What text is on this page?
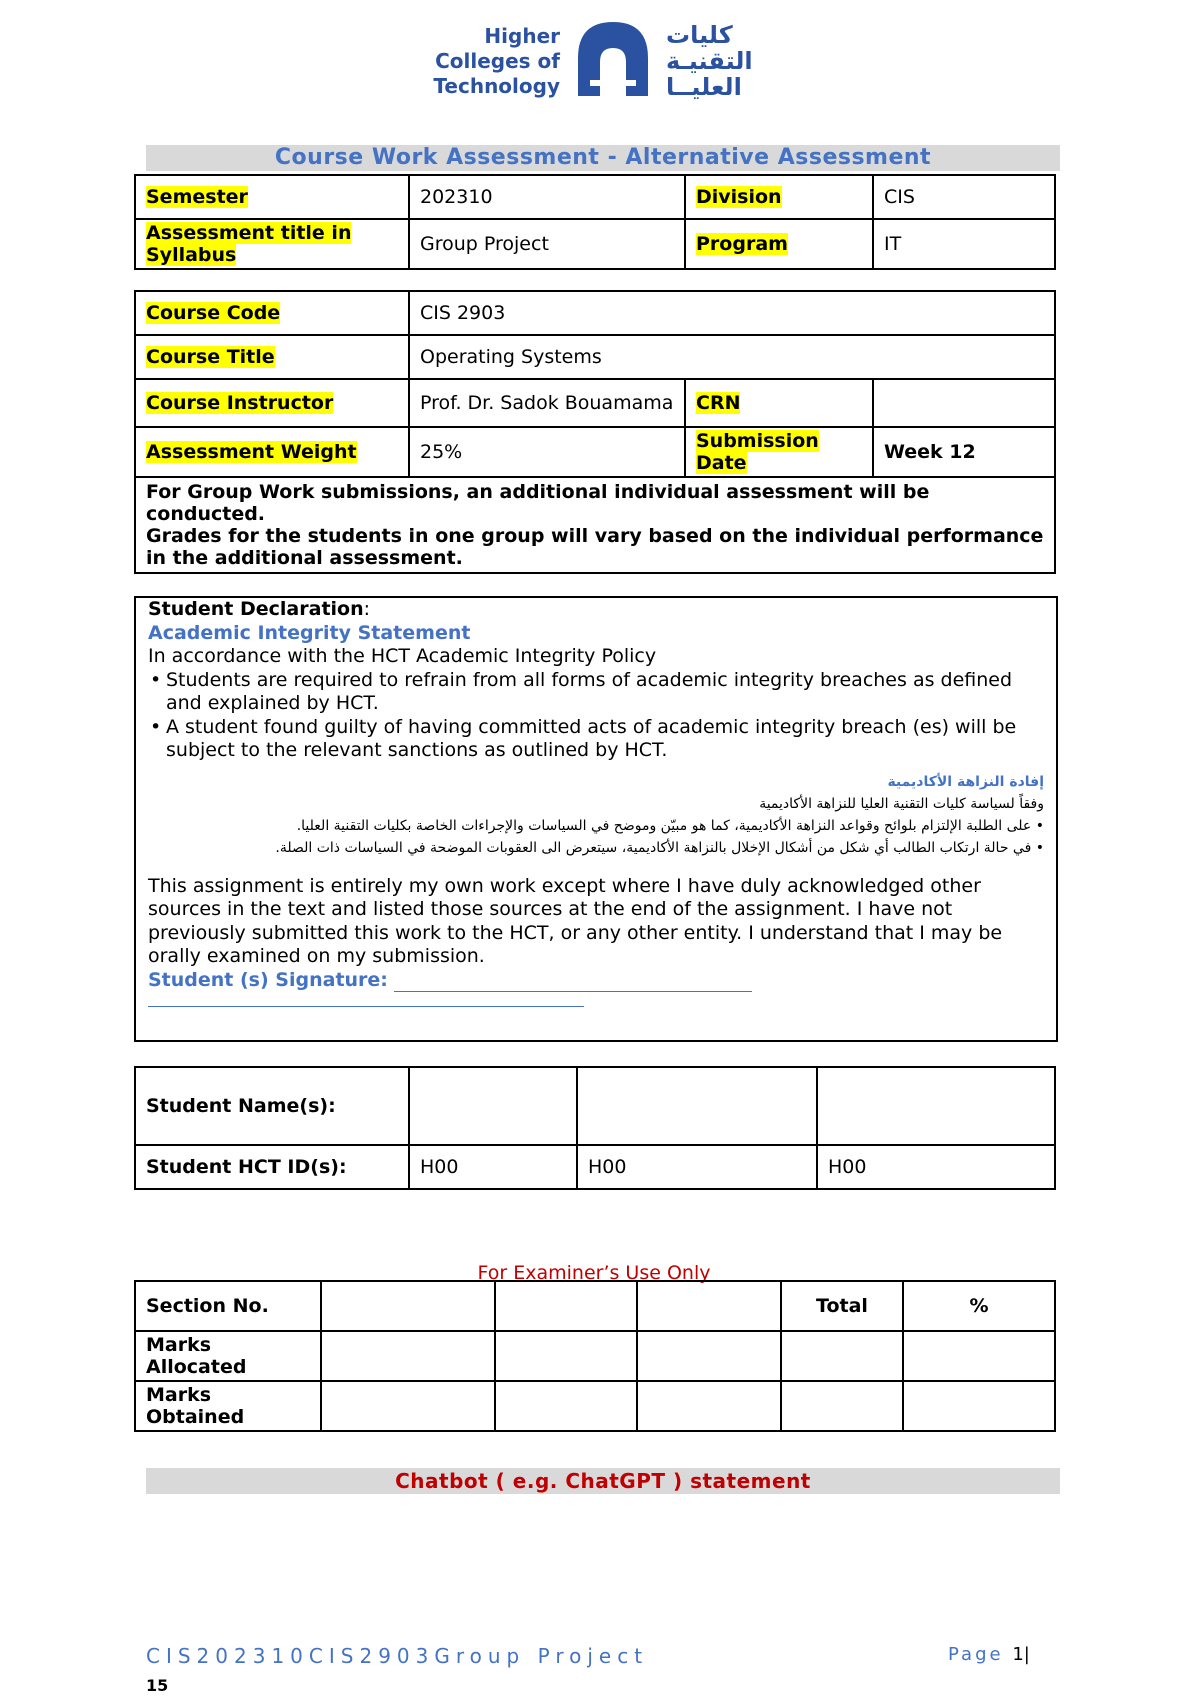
Higher
Colleges of
Technology
كليات
التقنيـة
العليــا
Course Work Assessment - Alternative Assessment
Semester	202310	Division	CIS
Assessment title in Syllabus	Group Project	Program	IT
Course Code	CIS 2903		
Course Title	Operating Systems		
Course Instructor	Prof. Dr. Sadok Bouamama	CRN	
Assessment Weight	25%	Submission Date	Week 12

For Group Work submissions, an additional individual assessment will be conducted.
Grades for the students in one group will vary based on the individual performance in the additional assessment.			
Student Declaration:
Academic Integrity Statement
In accordance with the HCT Academic Integrity Policy
• Students are required to refrain from all forms of academic integrity breaches as defined and explained by HCT.
• A student found guilty of having committed acts of academic integrity breach (es) will be subject to the relevant sanctions as outlined by HCT.
إفادة النزاهة الأكاديمية
وفقاً لسياسة كليات التقنية العليا للنزاهة الأكاديمية
• على الطلبة الإلتزام بلوائح وقواعد النزاهة الأكاديمية، كما هو مبيّن وموضح في السياسات والإجراءات الخاصة بكليات التقنية العليا.
• في حالة ارتكاب الطالب أي شكل من أشكال الإخلال بالنزاهة الأكاديمية، سيتعرض الى العقوبات الموضحة في السياسات ذات الصلة.
This assignment is entirely my own work except where I have duly acknowledged other sources in the text and listed those sources at the end of the assignment. I have not previously submitted this work to the HCT, or any other entity. I understand that I may be orally examined on my submission.
Student (s) Signature:
Student Name(s):			
Student HCT ID(s):	H00	H00	H00
For Examiner’s Use Only
Section No.				Total	%
Marks Allocated					
Marks Obtained					
Chatbot ( e.g. ChatGPT ) statement
CIS202310CIS2903Group Project	Page 1|
15
